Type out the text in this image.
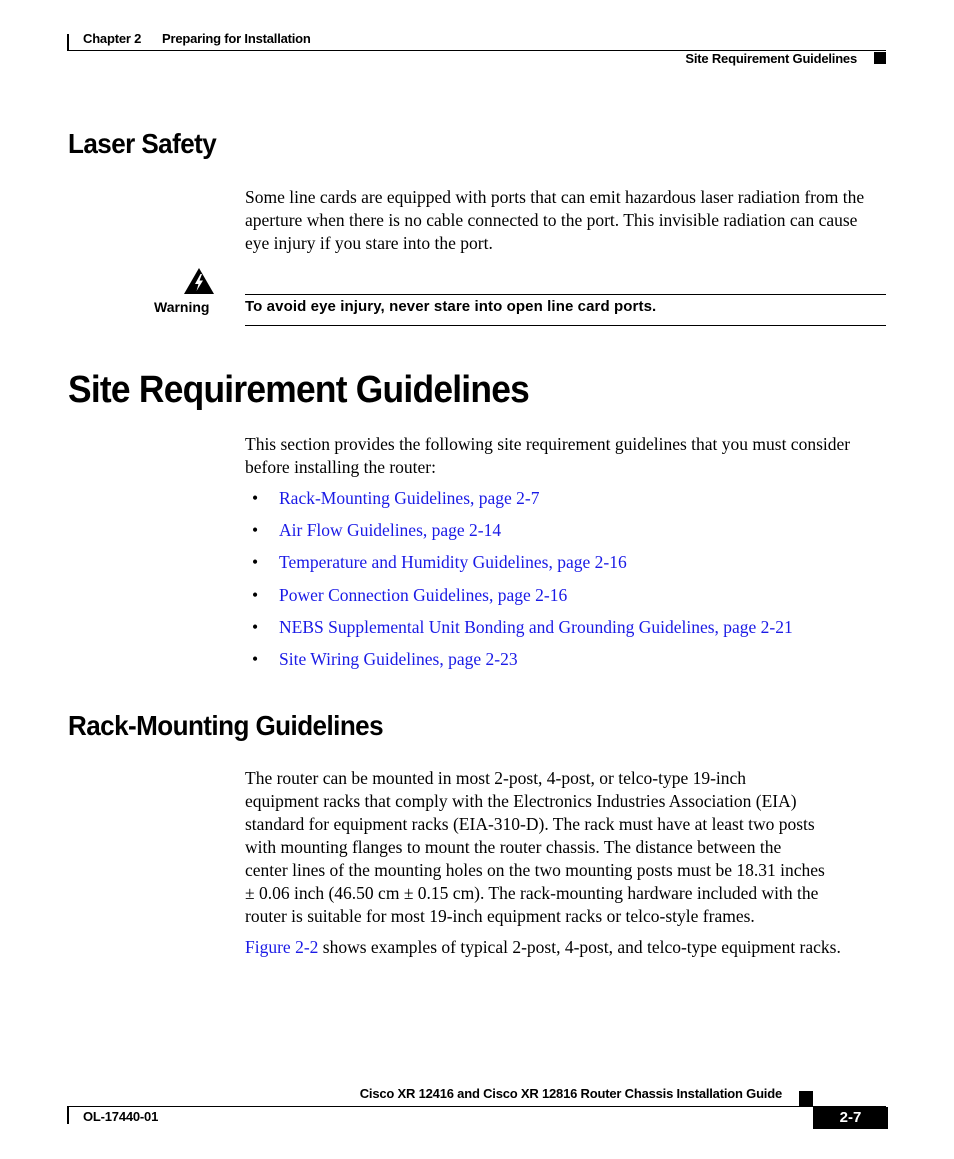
Chapter 2 Preparing for Installation
Site Requirement Guidelines
Laser Safety

Some line cards are equipped with ports that can emit hazardous laser radiation from the aperture when there is no cable connected to the port. This invisible radiation can cause eye injury if you stare into the port.

Warning To avoid eye injury, never stare into open line card ports.
Site Requirement Guidelines

This section provides the following site requirement guidelines that you must consider before installing the router:

•	Rack-Mounting Guidelines, page 2-7
•	Air Flow Guidelines, page 2-14
•	Temperature and Humidity Guidelines, page 2-16
•	Power Connection Guidelines, page 2-16
•	NEBS Supplemental Unit Bonding and Grounding Guidelines, page 2-21
•	Site Wiring Guidelines, page 2-23
Rack-Mounting Guidelines
The router can be mounted in most 2-post, 4-post, or telco-type 19-inch
equipment racks that comply with the Electronics Industries Association (EIA)
standard for equipment racks (EIA-310-D). The rack must have at least two posts
with mounting flanges to mount the router chassis. The distance between the
center lines of the mounting holes on the two mounting posts must be 18.31 inches
± 0.06 inch (46.50 cm ± 0.15 cm). The rack-mounting hardware included with the
router is suitable for most 19-inch equipment racks or telco-style frames.

Figure 2-2 shows examples of typical 2-post, 4-post, and telco-type equipment racks.

Cisco XR 12416 and Cisco XR 12816 Router Chassis Installation Guide
OL-17440-01	2-7
